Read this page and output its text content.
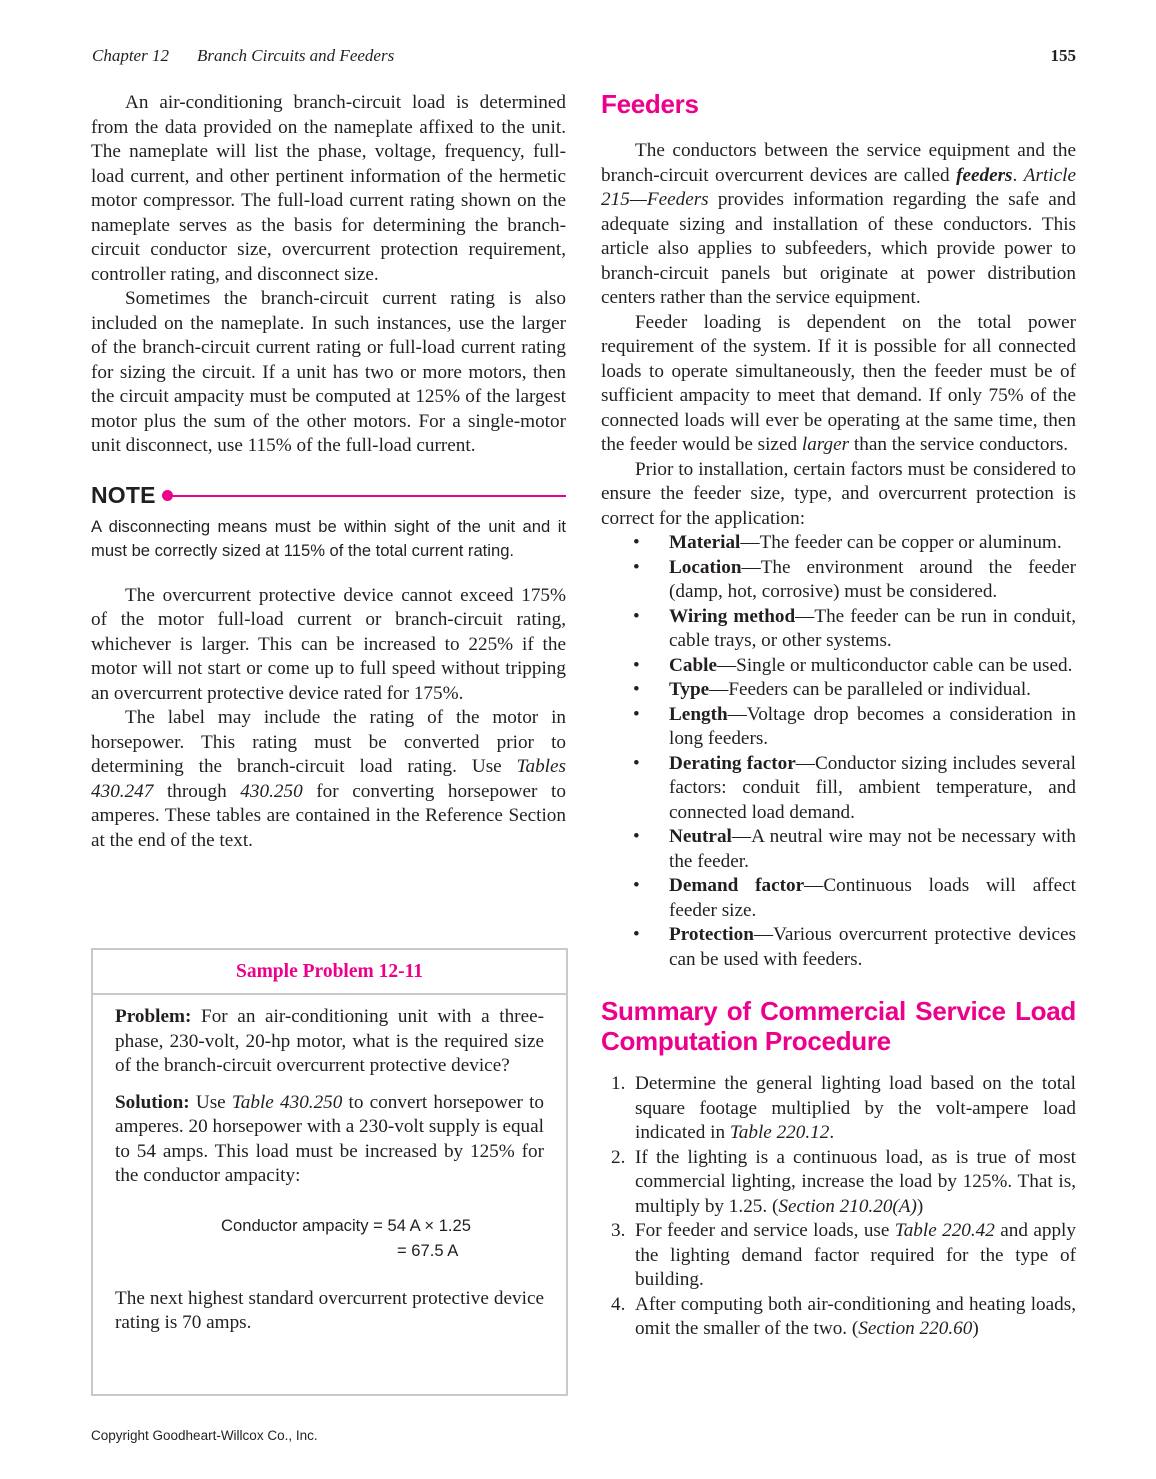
Chapter 12 Branch Circuits and Feeders	155

An air-conditioning branch-circuit load is determined from the data provided on the nameplate affixed to the unit. The nameplate will list the phase, voltage, frequency, full-load current, and other pertinent information of the hermetic motor compressor. The full-load current rating shown on the nameplate serves as the basis for determining the branch-circuit conductor size, overcurrent protection requirement, controller rating, and disconnect size.

Sometimes the branch-circuit current rating is also included on the nameplate. In such instances, use the larger of the branch-circuit current rating or full-load current rating for sizing the circuit. If a unit has two or more motors, then the circuit ampacity must be computed at 125% of the largest motor plus the sum of the other motors. For a single-motor unit disconnect, use 115% of the full-load current.

NOTE
A disconnecting means must be within sight of the unit and it must be correctly sized at 115% of the total current rating.

The overcurrent protective device cannot exceed 175% of the motor full-load current or branch-circuit rating, whichever is larger. This can be increased to 225% if the motor will not start or come up to full speed without tripping an overcurrent protective device rated for 175%.

The label may include the rating of the motor in horsepower. This rating must be converted prior to determining the branch-circuit load rating. Use Tables 430.247 through 430.250 for converting horsepower to amperes. These tables are contained in the Reference Section at the end of the text.

Sample Problem 12-11

Problem: For an air-conditioning unit with a three-phase, 230-volt, 20-hp motor, what is the required size of the branch-circuit overcurrent protective device?

Solution: Use Table 430.250 to convert horsepower to amperes. 20 horsepower with a 230-volt supply is equal to 54 amps. This load must be increased by 125% for the conductor ampacity:

Conductor ampacity = 54 A × 1.25
= 67.5 A

The next highest standard overcurrent protective device rating is 70 amps.

Feeders

The conductors between the service equipment and the branch-circuit overcurrent devices are called feeders. Article 215—Feeders provides information regarding the safe and adequate sizing and installation of these conductors. This article also applies to subfeeders, which provide power to branch-circuit panels but originate at power distribution centers rather than the service equipment.

Feeder loading is dependent on the total power requirement of the system. If it is possible for all connected loads to operate simultaneously, then the feeder must be of sufficient ampacity to meet that demand. If only 75% of the connected loads will ever be operating at the same time, then the feeder would be sized larger than the service conductors.

Prior to installation, certain factors must be considered to ensure the feeder size, type, and overcurrent protection is correct for the application:

• Material—The feeder can be copper or aluminum.
• Location—The environment around the feeder (damp, hot, corrosive) must be considered.
• Wiring method—The feeder can be run in conduit, cable trays, or other systems.
• Cable—Single or multiconductor cable can be used.
• Type—Feeders can be paralleled or individual.
• Length—Voltage drop becomes a consideration in long feeders.
• Derating factor—Conductor sizing includes several factors: conduit fill, ambient temperature, and connected load demand.
• Neutral—A neutral wire may not be necessary with the feeder.
• Demand factor—Continuous loads will affect feeder size.
• Protection—Various overcurrent protective devices can be used with feeders.
Summary of Commercial Service Load Computation Procedure
1. Determine the general lighting load based on the total square footage multiplied by the volt-ampere load indicated in Table 220.12.
2. If the lighting is a continuous load, as is true of most commercial lighting, increase the load by 125%. That is, multiply by 1.25. (Section 210.20(A))
3. For feeder and service loads, use Table 220.42 and apply the lighting demand factor required for the type of building.
4. After computing both air-conditioning and heating loads, omit the smaller of the two. (Section 220.60)
Copyright Goodheart-Willcox Co., Inc.
